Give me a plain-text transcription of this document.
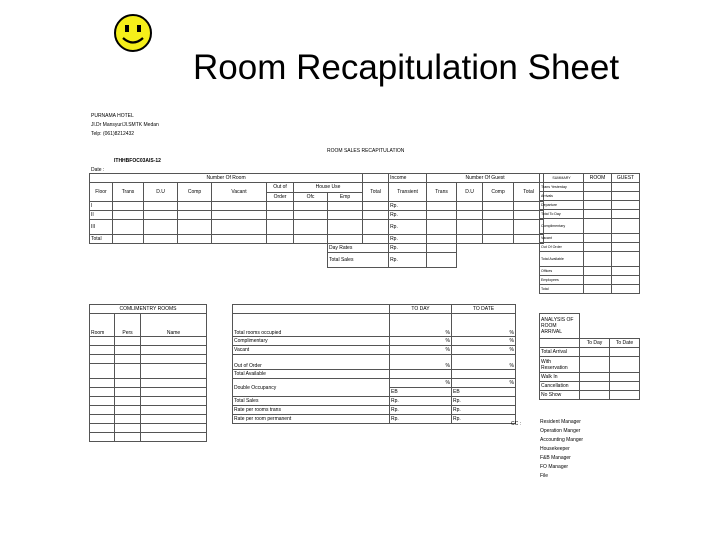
Room Recapitulation Sheet
PURNAMA HOTEL
Jl.Dr Mansyur/Jl.SMTK Medan
Telp: (061)8212432
ROOM SALES RECAPITULATION
ITHHBFOC03AIS-12
Date :
Number Of Room									Income	Number Of Guest			
Floor	Trans	D.U	Comp	Vacant	Out of	House Use		Total	Transient	Trans	D.U	Comp	Total
					Order	Ofc	Emp						
I									Rp.				
II									Rp.				
III									Rp.				
Total									Rp.				
							Day Rates		Rp.				
							Total Sales		Rp.				
SUMMARY	ROOM	GUEST
Trans Yesterday		
Arrivals		
Departure		
Total To Day		
Complimentary		
Vacant		
Out Of Order		
Total Available		
Offices		
Employees		
Total		
COMLIMENTRY ROOMS		
Room	Pers	Name

	TO DAY	TO DATE
Total rooms occupied	%	%
Complimentary	%	%
Vacant	%	%
Out of Order	%	%
Total Available		
Double Occupancy	%	%
	EB	EB
Total Sales	Rp.	Rp.
Rate per rooms trans	Rp.	Rp.
Rate per room permanent	Rp.	Rp.
CC :
ANALYSIS OF ROOM ARRIVAL		
	To Day	To Date
Total Arrival		
With Reservation		
Walk In		
Cancellation		
No Show		
Resident Manager
Operation Manger
Accounting Manger
Housekeeper
F&B Manager
FO Manager
File
